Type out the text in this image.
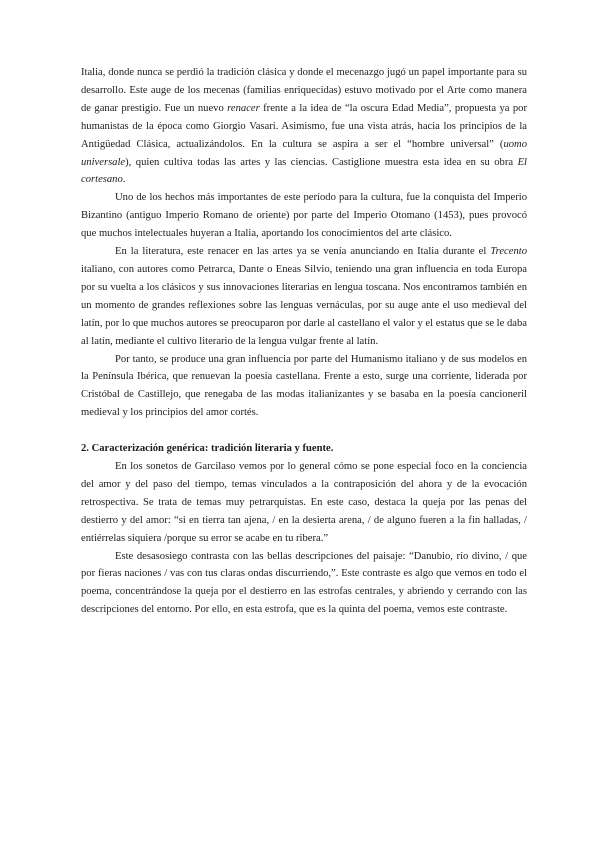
Italia, donde nunca se perdió la tradición clásica y donde el mecenazgo jugó un papel importante para su desarrollo. Este auge de los mecenas (familias enriquecidas) estuvo motivado por el Arte como manera de ganar prestigio. Fue un nuevo renacer frente a la idea de “la oscura Edad Media”, propuesta ya por humanistas de la época como Giorgio Vasari. Asimismo, fue una vista atrás, hacia los principios de la Antigüedad Clásica, actualizándolos. En la cultura se aspira a ser el “hombre universal” (uomo universale), quien cultiva todas las artes y las ciencias. Castiglione muestra esta idea en su obra El cortesano.

Uno de los hechos más importantes de este período para la cultura, fue la conquista del Imperio Bizantino (antiguo Imperio Romano de oriente) por parte del Imperio Otomano (1453), pues provocó que muchos intelectuales huyeran a Italia, aportando los conocimientos del arte clásico.

En la literatura, este renacer en las artes ya se venía anunciando en Italia durante el Trecento italiano, con autores como Petrarca, Dante o Eneas Silvio, teniendo una gran influencia en toda Europa por su vuelta a los clásicos y sus innovaciones literarias en lengua toscana. Nos encontramos también en un momento de grandes reflexiones sobre las lenguas vernáculas, por su auge ante el uso medieval del latín, por lo que muchos autores se preocuparon por darle al castellano el valor y el estatus que se le daba al latín, mediante el cultivo literario de la lengua vulgar frente al latín.

Por tanto, se produce una gran influencia por parte del Humanismo italiano y de sus modelos en la Península Ibérica, que renuevan la poesía castellana. Frente a esto, surge una corriente, liderada por Cristóbal de Castillejo, que renegaba de las modas italianizantes y se basaba en la poesía cancioneril medieval y los principios del amor cortés.

2. Caracterización genérica: tradición literaria y fuente.

En los sonetos de Garcilaso vemos por lo general cómo se pone especial foco en la conciencia del amor y del paso del tiempo, temas vinculados a la contraposición del ahora y de la evocación retrospectiva. Se trata de temas muy petrarquistas. En este caso, destaca la queja por las penas del destierro y del amor: “si en tierra tan ajena, / en la desierta arena, / de alguno fueren a la fin halladas, / entiérrelas siquiera /porque su error se acabe en tu ribera.”

Este desasosiego contrasta con las bellas descripciones del paisaje: “Danubio, río divino, / que por fieras naciones / vas con tus claras ondas discurriendo,”. Este contraste es algo que vemos en todo el poema, concentrándose la queja por el destierro en las estrofas centrales, y abriendo y cerrando con las descripciones del entorno. Por ello, en esta estrofa, que es la quinta del poema, vemos este contraste.
